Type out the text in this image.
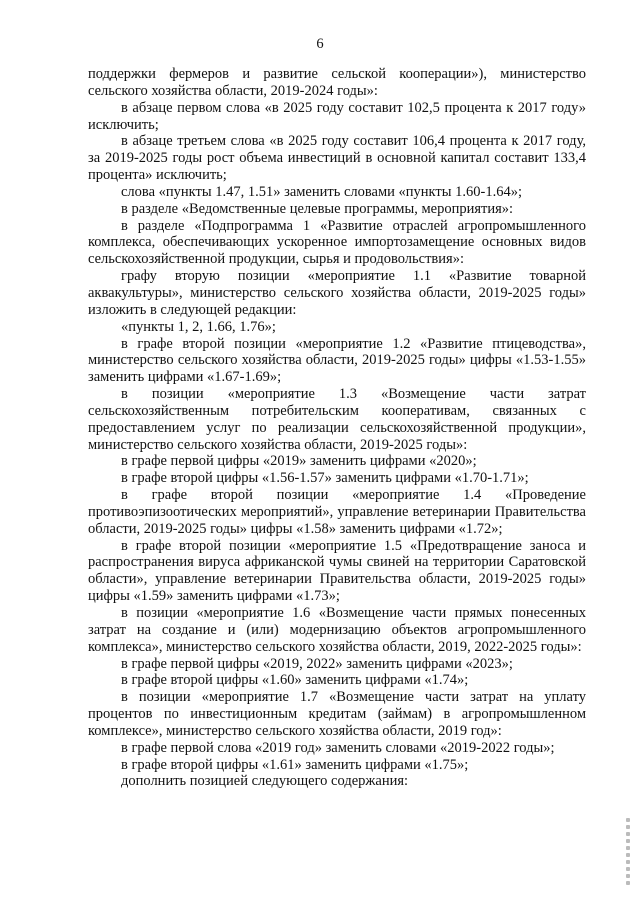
6

поддержки фермеров и развитие сельской кооперации»), министерство сельского хозяйства области, 2019-2024 годы»:

в абзаце первом слова «в 2025 году составит 102,5 процента к 2017 году» исключить;

в абзаце третьем слова «в 2025 году составит 106,4 процента к 2017 году, за 2019-2025 годы рост объема инвестиций в основной капитал составит 133,4 процента» исключить;

слова «пункты 1.47, 1.51» заменить словами «пункты 1.60-1.64»;

в разделе «Ведомственные целевые программы, мероприятия»:

в разделе «Подпрограмма 1 «Развитие отраслей агропромышленного комплекса, обеспечивающих ускоренное импортозамещение основных видов сельскохозяйственной продукции, сырья и продовольствия»:

графу вторую позиции «мероприятие 1.1 «Развитие товарной аквакультуры», министерство сельского хозяйства области, 2019-2025 годы» изложить в следующей редакции:

«пункты 1, 2, 1.66, 1.76»;

в графе второй позиции «мероприятие 1.2 «Развитие птицеводства», министерство сельского хозяйства области, 2019-2025 годы» цифры «1.53-1.55» заменить цифрами «1.67-1.69»;

в позиции «мероприятие 1.3 «Возмещение части затрат сельскохозяйственным потребительским кооперативам, связанных с предоставлением услуг по реализации сельскохозяйственной продукции», министерство сельского хозяйства области, 2019-2025 годы»:

в графе первой цифры «2019» заменить цифрами «2020»;

в графе второй цифры «1.56-1.57» заменить цифрами «1.70-1.71»;

в графе второй позиции «мероприятие 1.4 «Проведение противоэпизоотических мероприятий», управление ветеринарии Правительства области, 2019-2025 годы» цифры «1.58» заменить цифрами «1.72»;

в графе второй позиции «мероприятие 1.5 «Предотвращение заноса и распространения вируса африканской чумы свиней на территории Саратовской области», управление ветеринарии Правительства области, 2019-2025 годы» цифры «1.59» заменить цифрами «1.73»;

в позиции «мероприятие 1.6 «Возмещение части прямых понесенных затрат на создание и (или) модернизацию объектов агропромышленного комплекса», министерство сельского хозяйства области, 2019, 2022-2025 годы»:

в графе первой цифры «2019, 2022» заменить цифрами «2023»;

в графе второй цифры «1.60» заменить цифрами «1.74»;

в позиции «мероприятие 1.7 «Возмещение части затрат на уплату процентов по инвестиционным кредитам (займам) в агропромышленном комплексе», министерство сельского хозяйства области, 2019 год»:

в графе первой слова «2019 год» заменить словами «2019-2022 годы»;

в графе второй цифры «1.61» заменить цифрами «1.75»;

дополнить позицией следующего содержания:
